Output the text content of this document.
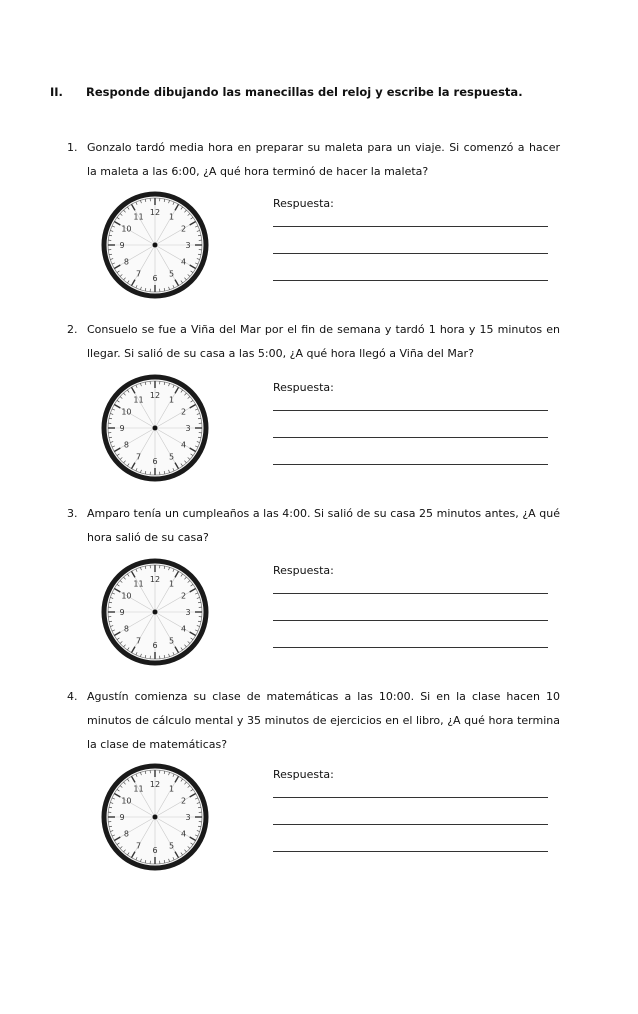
II. Responde dibujando las manecillas del reloj y escribe la respuesta.
1. Gonzalo tardó media hora en preparar su maleta para un viaje. Si comenzó a hacer la maleta a las 6:00, ¿A qué hora terminó de hacer la maleta?
12 1
2
3
4
5
6
7
8
9
10
11
Respuesta:
2. Consuelo se fue a Viña del Mar por el fin de semana y tardó 1 hora y 15 minutos en llegar. Si salió de su casa a las 5:00, ¿A qué hora llegó a Viña del Mar?
12 1
2
3
4
5
6
7
8
9
10
11
Respuesta:
3. Amparo tenía un cumpleaños a las 4:00. Si salió de su casa 25 minutos antes, ¿A qué hora salió de su casa?
12 1
2
3
4
5
6
7
8
9
10
11
Respuesta:
4. Agustín comienza su clase de matemáticas a las 10:00. Si en la clase hacen 10 minutos de cálculo mental y 35 minutos de ejercicios en el libro, ¿A qué hora termina la clase de matemáticas?
12 1
2
3
4
5
6
7
8
9
10
11
Respuesta:
